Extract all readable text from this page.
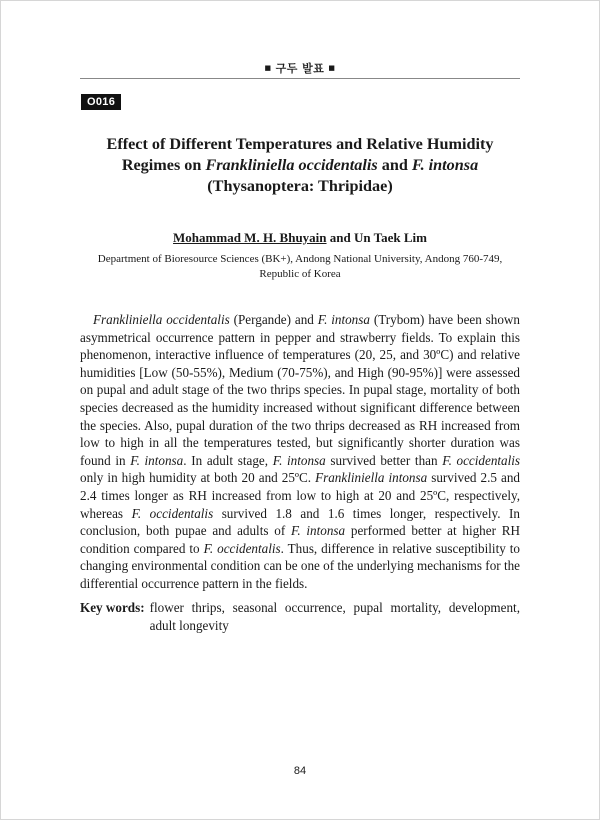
■ 구두 발표 ■
O016
Effect of Different Temperatures and Relative Humidity
Regimes on Frankliniella occidentalis and F. intonsa
(Thysanoptera: Thripidae)
Mohammad M. H. Bhuyain and Un Taek Lim
Department of Bioresource Sciences (BK+), Andong National University, Andong 760-749,
Republic of Korea

Frankliniella occidentalis (Pergande) and F. intonsa (Trybom) have been shown asymmetrical occurrence pattern in pepper and strawberry fields. To explain this phenomenon, interactive influence of temperatures (20, 25, and 30ºC) and relative humidities [Low (50-55%), Medium (70-75%), and High (90-95%)] were assessed on pupal and adult stage of the two thrips species. In pupal stage, mortality of both species decreased as the humidity increased without significant difference between the species. Also, pupal duration of the two thrips decreased as RH increased from low to high in all the temperatures tested, but significantly shorter duration was found in F. intonsa. In adult stage, F. intonsa survived better than F. occidentalis only in high humidity at both 20 and 25ºC. Frankliniella intonsa survived 2.5 and 2.4 times longer as RH increased from low to high at 20 and 25ºC, respectively, whereas F. occidentalis survived 1.8 and 1.6 times longer, respectively. In conclusion, both pupae and adults of F. intonsa performed better at higher RH condition compared to F. occidentalis. Thus, difference in relative susceptibility to changing environmental condition can be one of the underlying mechanisms for the differential occurrence pattern in the fields.

Key words: flower thrips, seasonal occurrence, pupal mortality, development, adult longevity
84
